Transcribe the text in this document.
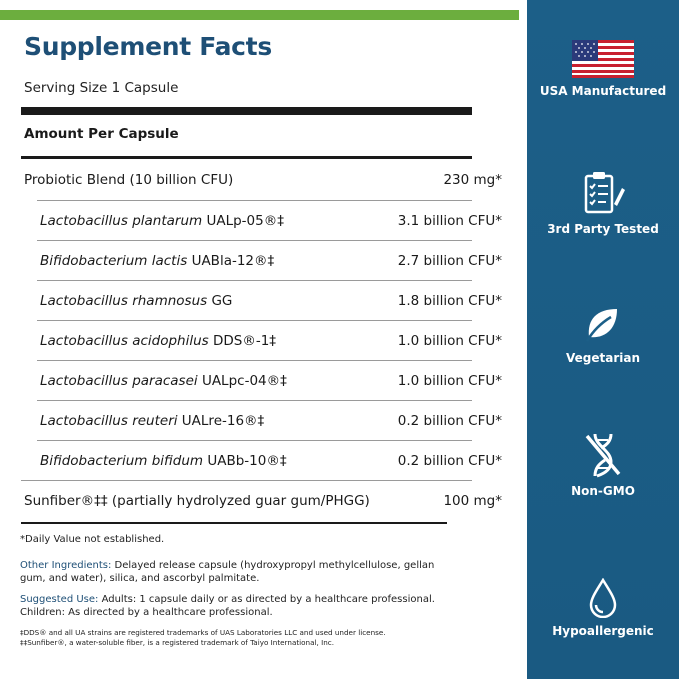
Supplement Facts
Serving Size 1 Capsule
Amount Per Capsule
Probiotic Blend (10 billion CFU)	230 mg*
Lactobacillus plantarum UALp-05®‡	3.1 billion CFU*
Bifidobacterium lactis UABla-12®‡	2.7 billion CFU*
Lactobacillus rhamnosus GG	1.8 billion CFU*
Lactobacillus acidophilus DDS®-1‡	1.0 billion CFU*
Lactobacillus paracasei UALpc-04®‡	1.0 billion CFU*
Lactobacillus reuteri UALre-16®‡	0.2 billion CFU*
Bifidobacterium bifidum UABb-10®‡	0.2 billion CFU*
Sunfiber®‡‡ (partially hydrolyzed guar gum/PHGG)	100 mg*
*Daily Value not established.
Other Ingredients: Delayed release capsule (hydroxypropyl methylcellulose, gellan gum, and water), silica, and ascorbyl palmitate.
Suggested Use: Adults: 1 capsule daily or as directed by a healthcare professional. Children: As directed by a healthcare professional.
‡DDS® and all UA strains are registered trademarks of UAS Laboratories LLC and used under license.
‡‡Sunfiber®, a water-soluble fiber, is a registered trademark of Taiyo International, Inc.
USA Manufactured
3rd Party Tested
Vegetarian
Non-GMO
Hypoallergenic
